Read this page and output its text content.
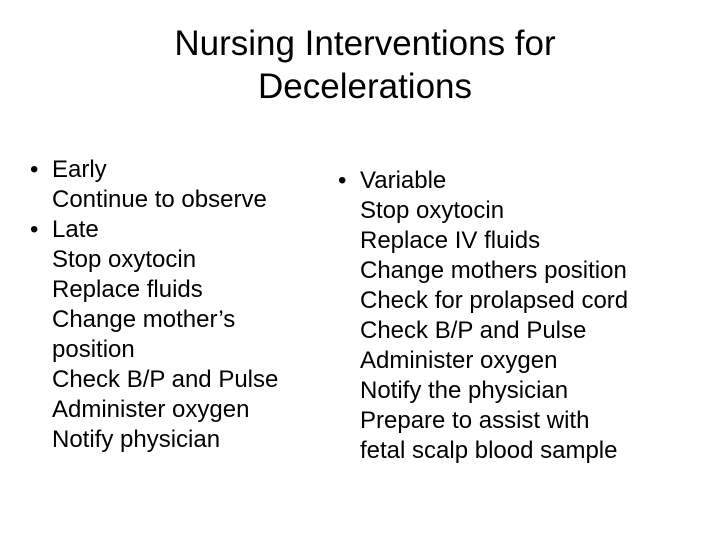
Nursing Interventions for
Decelerations
• Early
Continue to observe
• Late
Stop oxytocin
Replace fluids
Change mother’s
position
Check B/P and Pulse
Administer oxygen
Notify physician
• Variable
Stop oxytocin
Replace IV fluids
Change mothers position
Check for prolapsed cord
Check B/P and Pulse
Administer oxygen
Notify the physician
Prepare to assist with
fetal scalp blood sample
